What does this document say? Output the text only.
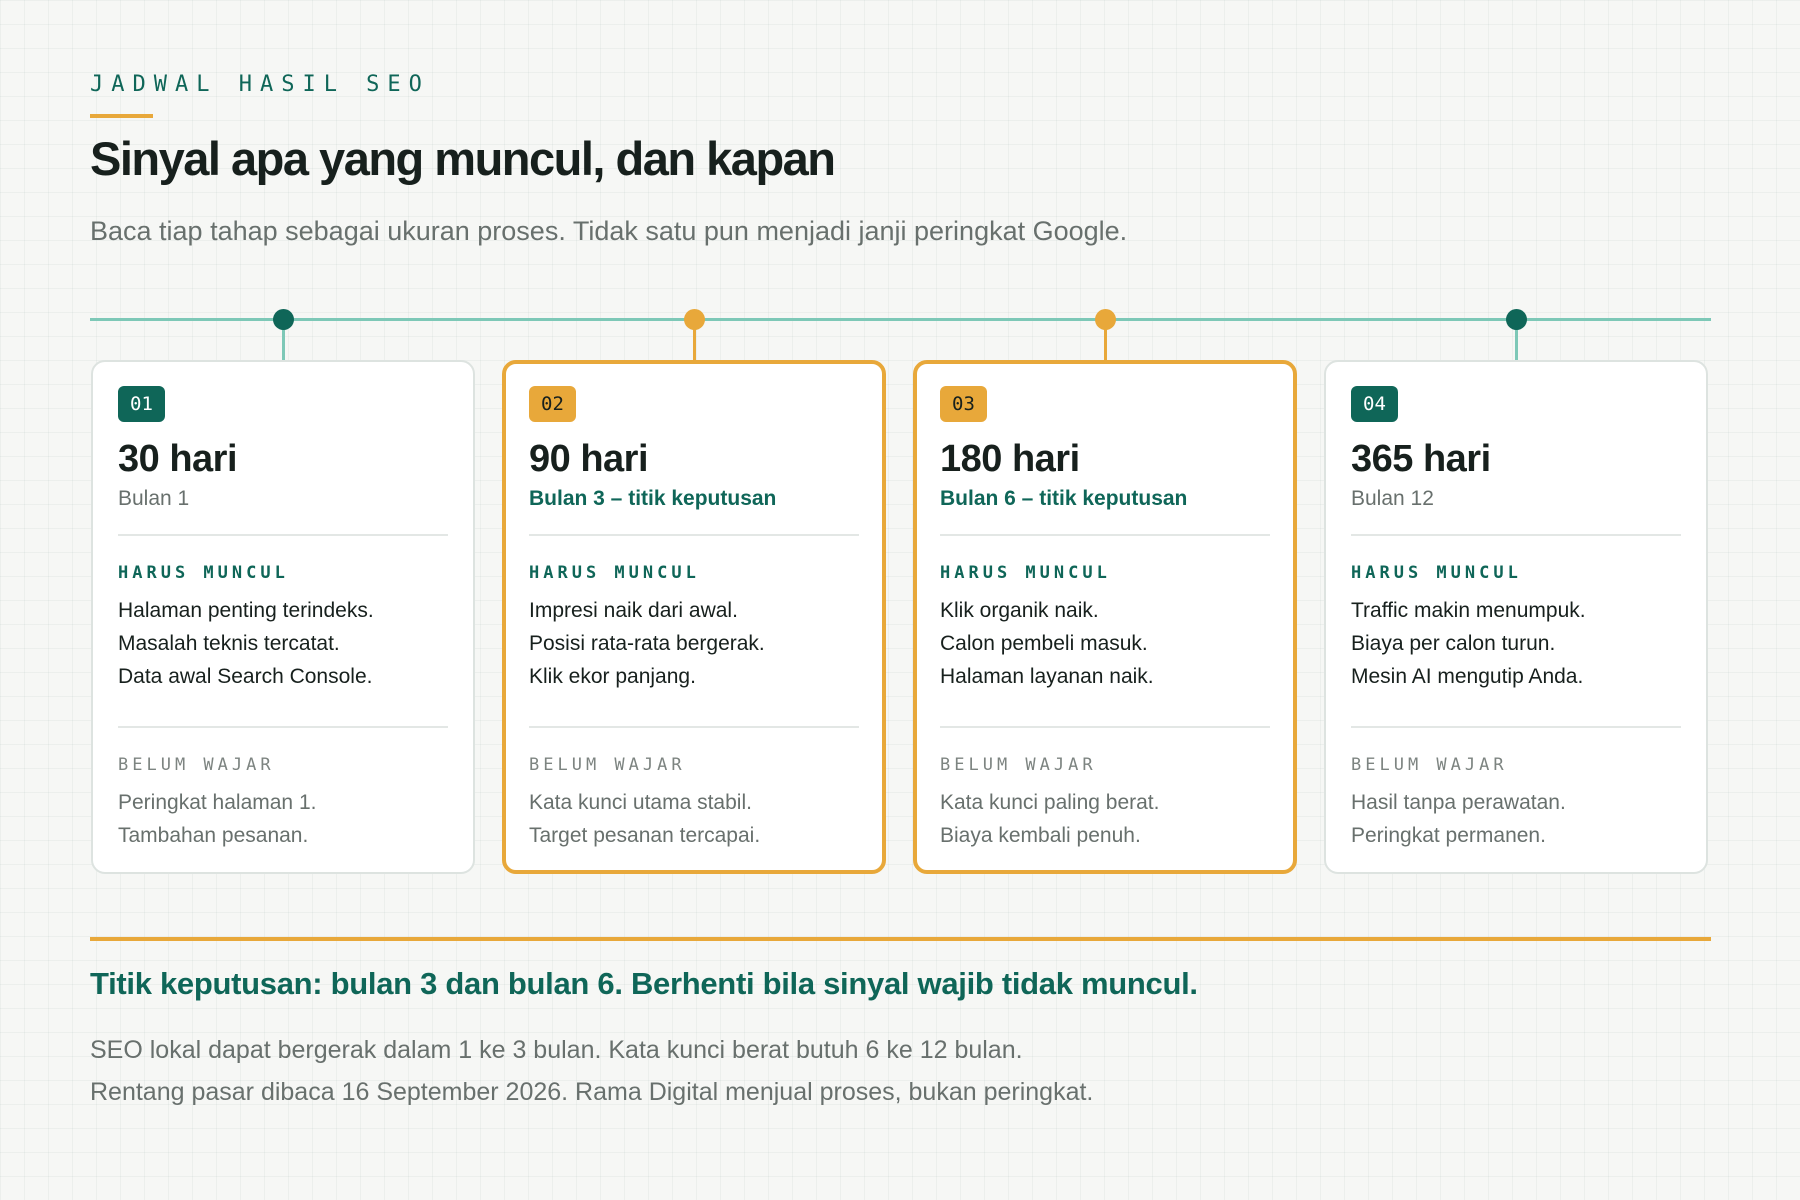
JADWAL HASIL SEO
Sinyal apa yang muncul, dan kapan
Baca tiap tahap sebagai ukuran proses. Tidak satu pun menjadi janji peringkat Google.
01
30 hari
Bulan 1
HARUS MUNCUL
Halaman penting terindeks.
Masalah teknis tercatat.
Data awal Search Console.
BELUM WAJAR
Peringkat halaman 1.
Tambahan pesanan.
02
90 hari
Bulan 3 – titik keputusan
HARUS MUNCUL
Impresi naik dari awal.
Posisi rata-rata bergerak.
Klik ekor panjang.
BELUM WAJAR
Kata kunci utama stabil.
Target pesanan tercapai.
03
180 hari
Bulan 6 – titik keputusan
HARUS MUNCUL
Klik organik naik.
Calon pembeli masuk.
Halaman layanan naik.
BELUM WAJAR
Kata kunci paling berat.
Biaya kembali penuh.
04
365 hari
Bulan 12
HARUS MUNCUL
Traffic makin menumpuk.
Biaya per calon turun.
Mesin AI mengutip Anda.
BELUM WAJAR
Hasil tanpa perawatan.
Peringkat permanen.
Titik keputusan: bulan 3 dan bulan 6. Berhenti bila sinyal wajib tidak muncul.
SEO lokal dapat bergerak dalam 1 ke 3 bulan. Kata kunci berat butuh 6 ke 12 bulan.
Rentang pasar dibaca 16 September 2026. Rama Digital menjual proses, bukan peringkat.
